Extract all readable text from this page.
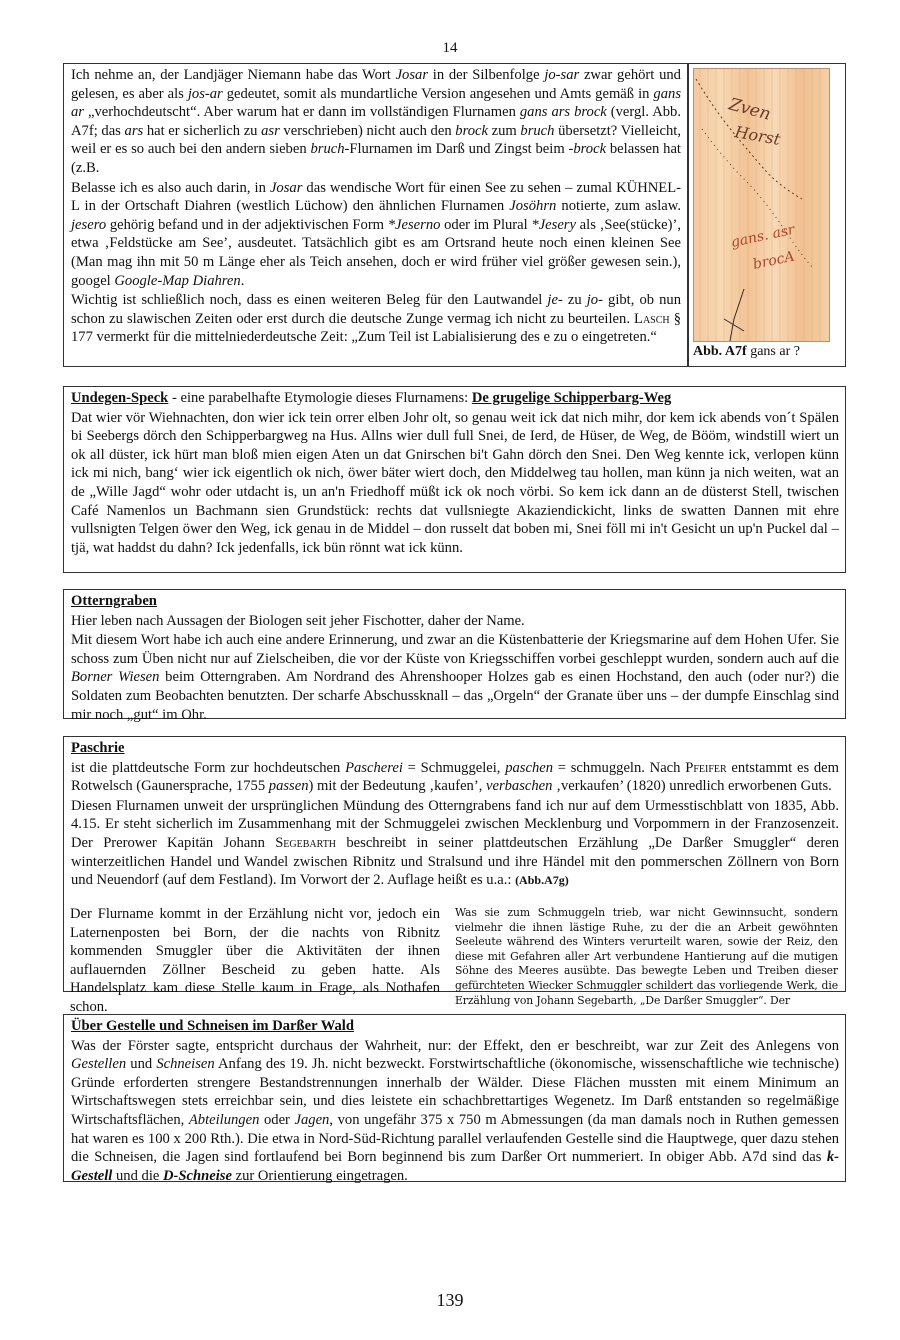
14

Ich nehme an, der Landjäger Niemann habe das Wort Josar in der Silbenfolge jo-sar zwar gehört und gelesen, es aber als jos-ar gedeutet, somit als mundartliche Version angesehen und Amts gemäß in gans ar „verhochdeutscht“. Aber warum hat er dann im vollständigen Flurnamen gans ars brock (vergl. Abb. A7f; das ars hat er sicherlich zu asr verschrieben) nicht auch den brock zum bruch übersetzt? Vielleicht, weil er es so auch bei den andern sieben bruch-Flurnamen im Darß und Zingst beim -brock belassen hat (z.B.

Belasse ich es also auch darin, in Josar das wendische Wort für einen See zu sehen – zumal KÜHNEL-L in der Ortschaft Diahren (westlich Lüchow) den ähnlichen Flurnamen Josöhrn notierte, zum aslaw. jesero gehörig befand und in der adjektivischen Form *Jeserno oder im Plural *Jesery als ‚See(stücke)’, etwa ‚Feldstücke am See’, ausdeutet. Tatsächlich gibt es am Ortsrand heute noch einen kleinen See (Man mag ihn mit 50 m Länge eher als Teich ansehen, doch er wird früher viel größer gewesen sein.), googel Google-Map Diahren.

Wichtig ist schließlich noch, dass es einen weiteren Beleg für den Lautwandel je- zu jo- gibt, ob nun schon zu slawischen Zeiten oder erst durch die deutsche Zunge vermag ich nicht zu beurteilen. Lasch § 177 vermerkt für die mittelniederdeutsche Zeit: „Zum Teil ist Labialisierung des e zu o eingetreten.“

Zven
Horst
gans. asr
brocA
Abb. A7f gans ar ?

Undegen-Speck - eine parabelhafte Etymologie dieses Flurnamens: De grugelige Schipperbarg-Weg

Dat wier vör Wiehnachten, don wier ick tein orrer elben Johr olt, so genau weit ick dat nich mihr, dor kem ick abends von´t Spälen bi Seebergs dörch den Schipperbargweg na Hus. Allns wier dull full Snei, de Ierd, de Hüser, de Weg, de Bööm, windstill wiert un ok all düster, ick hürt man bloß mien eigen Aten un dat Gnirschen bi't Gahn dörch den Snei. Den Weg kennte ick, verlopen künn ick mi nich, bang‘ wier ick eigentlich ok nich, öwer bäter wiert doch, den Middelweg tau hollen, man künn ja nich weiten, wat an de „Wille Jagd“ wohr oder utdacht is, un an'n Friedhoff müßt ick ok noch vörbi. So kem ick dann an de düsterst Stell, twischen Café Namenlos un Bachmann sien Grundstück: rechts dat vullsniegte Akaziendickicht, links de swatten Dannen mit ehre vullsnigten Telgen öwer den Weg, ick genau in de Middel – don russelt dat boben mi, Snei föll mi in't Gesicht un up'n Puckel dal – tjä, wat haddst du dahn? Ick jedenfalls, ick bün rönnt wat ick künn.

Otterngraben

Hier leben nach Aussagen der Biologen seit jeher Fischotter, daher der Name.

Mit diesem Wort habe ich auch eine andere Erinnerung, und zwar an die Küstenbatterie der Kriegsmarine auf dem Hohen Ufer. Sie schoss zum Üben nicht nur auf Zielscheiben, die vor der Küste von Kriegsschiffen vorbei geschleppt wurden, sondern auch auf die Borner Wiesen beim Otterngraben. Am Nordrand des Ahrenshooper Holzes gab es einen Hochstand, den auch (oder nur?) die Soldaten zum Beobachten benutzten. Der scharfe Abschussknall – das „Orgeln“ der Granate über uns – der dumpfe Einschlag sind mir noch „gut“ im Ohr.

Paschrie

ist die plattdeutsche Form zur hochdeutschen Pascherei = Schmuggelei, paschen = schmuggeln. Nach Pfeifer entstammt es dem Rotwelsch (Gaunersprache, 1755 passen) mit der Bedeutung ‚kaufen’, verbaschen ‚verkaufen’ (1820) unredlich erworbenen Guts.

Diesen Flurnamen unweit der ursprünglichen Mündung des Otterngrabens fand ich nur auf dem Urmesstischblatt von 1835, Abb. 4.15. Er steht sicherlich im Zusammenhang mit der Schmuggelei zwischen Mecklenburg und Vorpommern in der Franzosenzeit. Der Prerower Kapitän Johann Segebarth beschreibt in seiner plattdeutschen Erzählung „De Darßer Smuggler“ deren winterzeitlichen Handel und Wandel zwischen Ribnitz und Stralsund und ihre Händel mit den pommerschen Zöllnern von Born und Neuendorf (auf dem Festland). Im Vorwort der 2. Auflage heißt es u.a.: (Abb.A7g)

Der Flurname kommt in der Erzählung nicht vor, jedoch ein Laternenposten bei Born, der die nachts von Ribnitz kommenden Smuggler über die Aktivitäten der ihnen auflauernden Zöllner Bescheid zu geben hatte. Als Handelsplatz kam diese Stelle kaum in Frage, als Nothafen schon.
Was sie zum Schmuggeln trieb, war nicht Gewinnsucht, sondern vielmehr die ihnen lästige Ruhe, zu der die an Arbeit gewöhnten Seeleute während des Winters verurteilt waren, sowie der Reiz, den diese mit Gefahren aller Art verbundene Hantierung auf die mutigen Söhne des Meeres ausübte. Das bewegte Leben und Treiben dieser gefürchteten Wiecker Schmuggler schildert das vorliegende Werk, die Erzählung von Johann Segebarth, „De Darßer Smuggler“. Der

Über Gestelle und Schneisen im Darßer Wald

Was der Förster sagte, entspricht durchaus der Wahrheit, nur: der Effekt, den er beschreibt, war zur Zeit des Anlegens von Gestellen und Schneisen Anfang des 19. Jh. nicht bezweckt. Forstwirtschaftliche (ökonomische, wissenschaftliche wie technische) Gründe erforderten strengere Bestandstrennungen innerhalb der Wälder. Diese Flächen mussten mit einem Minimum an Wirtschaftswegen stets erreichbar sein, und dies leistete ein schachbrettartiges Wegenetz. Im Darß entstanden so regelmäßige Wirtschaftsflächen, Abteilungen oder Jagen, von ungefähr 375 x 750 m Abmessungen (da man damals noch in Ruthen gemessen hat waren es 100 x 200 Rth.). Die etwa in Nord-Süd-Richtung parallel verlaufenden Gestelle sind die Hauptwege, quer dazu stehen die Schneisen, die Jagen sind fortlaufend bei Born beginnend bis zum Darßer Ort nummeriert. In obiger Abb. A7d sind das k-Gestell und die D-Schneise zur Orientierung eingetragen.

139
